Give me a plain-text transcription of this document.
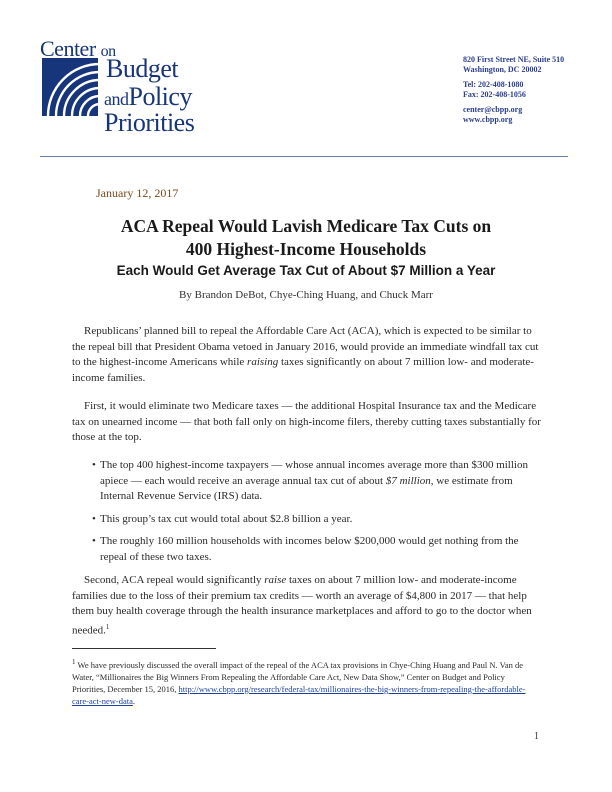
Center on
Budget
andPolicy
Priorities
820 First Street NE, Suite 510
Washington, DC 20002
Tel: 202-408-1080
Fax: 202-408-1056
center@cbpp.org
www.cbpp.org
January 12, 2017
ACA Repeal Would Lavish Medicare Tax Cuts on
400 Highest-Income Households
Each Would Get Average Tax Cut of About $7 Million a Year
By Brandon DeBot, Chye-Ching Huang, and Chuck Marr
Republicans’ planned bill to repeal the Affordable Care Act (ACA), which is expected to be similar to the repeal bill that President Obama vetoed in January 2016, would provide an immediate windfall tax cut to the highest-income Americans while raising taxes significantly on about 7 million low- and moderate-income families.
First, it would eliminate two Medicare taxes — the additional Hospital Insurance tax and the Medicare tax on unearned income — that both fall only on high-income filers, thereby cutting taxes substantially for those at the top.
• The top 400 highest-income taxpayers — whose annual incomes average more than $300 million apiece — each would receive an average annual tax cut of about $7 million, we estimate from Internal Revenue Service (IRS) data.
• This group’s tax cut would total about $2.8 billion a year.
• The roughly 160 million households with incomes below $200,000 would get nothing from the repeal of these two taxes.
Second, ACA repeal would significantly raise taxes on about 7 million low- and moderate-income families due to the loss of their premium tax credits — worth an average of $4,800 in 2017 — that help them buy health coverage through the health insurance marketplaces and afford to go to the doctor when needed.$^1$
$^1$ We have previously discussed the overall impact of the repeal of the ACA tax provisions in Chye-Ching Huang and Paul N. Van de Water, “Millionaires the Big Winners From Repealing the Affordable Care Act, New Data Show,” Center on Budget and Policy Priorities, December 15, 2016, http://www.cbpp.org/research/federal-tax/millionaires-the-big-winners-from-repealing-the-affordable-care-act-new-data.
1
